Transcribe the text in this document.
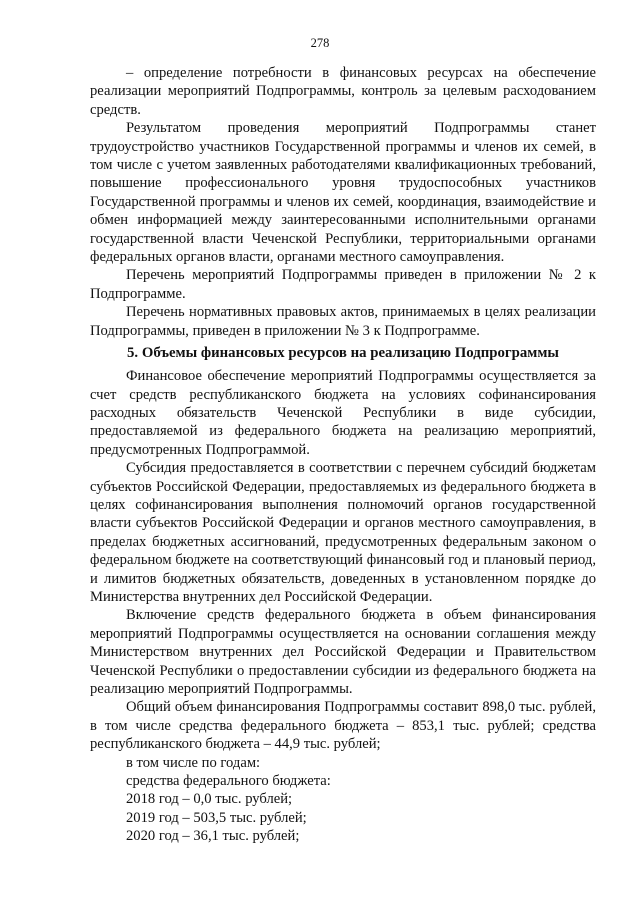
278

– определение потребности в финансовых ресурсах на обеспечение реализации мероприятий Подпрограммы, контроль за целевым расходованием средств.

Результатом проведения мероприятий Подпрограммы станет трудоустройство участников Государственной программы и членов их семей, в том числе с учетом заявленных работодателями квалификационных требований, повышение профессионального уровня трудоспособных участников Государственной программы и членов их семей, координация, взаимодействие и обмен информацией между заинтересованными исполнительными органами государственной власти Чеченской Республики, территориальными органами федеральных органов власти, органами местного самоуправления.

Перечень мероприятий Подпрограммы приведен в приложении № 2 к Подпрограмме.

Перечень нормативных правовых актов, принимаемых в целях реализации Подпрограммы, приведен в приложении № 3 к Подпрограмме.

5. Объемы финансовых ресурсов на реализацию Подпрограммы

Финансовое обеспечение мероприятий Подпрограммы осуществляется за счет средств республиканского бюджета на условиях софинансирования расходных обязательств Чеченской Республики в виде субсидии, предоставляемой из федерального бюджета на реализацию мероприятий, предусмотренных Подпрограммой.

Субсидия предоставляется в соответствии с перечнем субсидий бюджетам субъектов Российской Федерации, предоставляемых из федерального бюджета в целях софинансирования выполнения полномочий органов государственной власти субъектов Российской Федерации и органов местного самоуправления, в пределах бюджетных ассигнований, предусмотренных федеральным законом о федеральном бюджете на соответствующий финансовый год и плановый период, и лимитов бюджетных обязательств, доведенных в установленном порядке до Министерства внутренних дел Российской Федерации.

Включение средств федерального бюджета в объем финансирования мероприятий Подпрограммы осуществляется на основании соглашения между Министерством внутренних дел Российской Федерации и Правительством Чеченской Республики о предоставлении субсидии из федерального бюджета на реализацию мероприятий Подпрограммы.

Общий объем финансирования Подпрограммы составит 898,0 тыс. рублей, в том числе средства федерального бюджета – 853,1 тыс. рублей; средства республиканского бюджета – 44,9 тыс. рублей;

в том числе по годам:
средства федерального бюджета:
2018 год – 0,0 тыс. рублей;
2019 год – 503,5 тыс. рублей;
2020 год – 36,1 тыс. рублей;
